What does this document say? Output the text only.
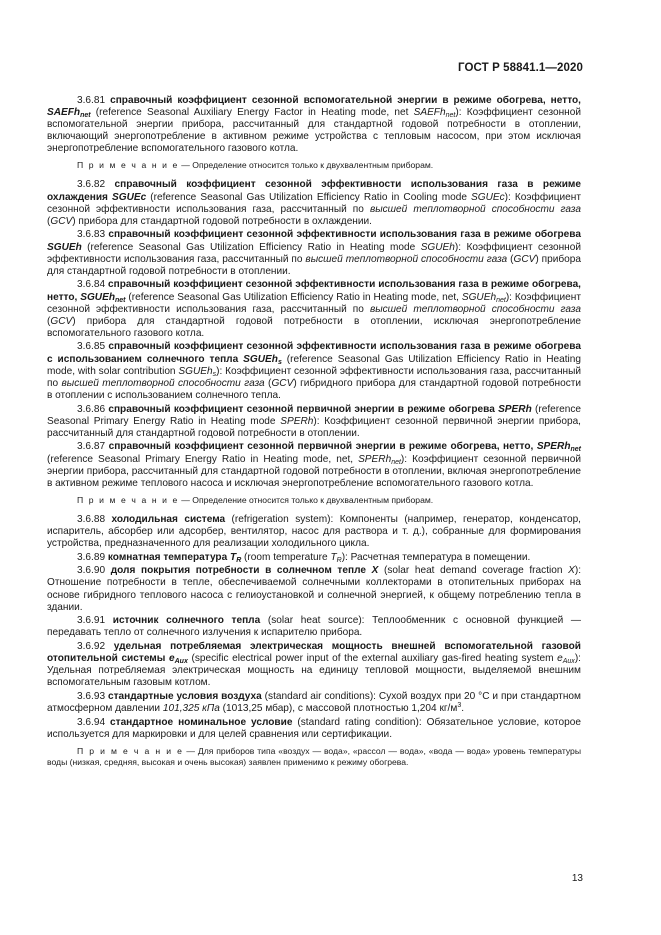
ГОСТ Р 58841.1—2020

3.6.81 справочный коэффициент сезонной вспомогательной энергии в режиме обогрева, нетто, SAEFh$_{net}$ (reference Seasonal Auxiliary Energy Factor in Heating mode, net SAEFh$_{net}$): Коэффициент сезонной вспомогательной энергии прибора, рассчитанный для стандартной годовой потребности в отоплении, включающий энергопотребление в активном режиме устройства с тепловым насосом, при этом исключая энергопотребление вспомогательного газового котла.

П р и м е ч а н и е — Определение относится только к двухвалентным приборам.

3.6.82 справочный коэффициент сезонной эффективности использования газа в режиме охлаждения SGUEc (reference Seasonal Gas Utilization Efficiency Ratio in Cooling mode SGUEc): Коэффициент сезонной эффективности использования газа, рассчитанный по высшей теплотворной способности газа (GCV) прибора для стандартной годовой потребности в охлаждении.

3.6.83 справочный коэффициент сезонной эффективности использования газа в режиме обогрева SGUEh (reference Seasonal Gas Utilization Efficiency Ratio in Heating mode SGUEh): Коэффициент сезонной эффективности использования газа, рассчитанный по высшей теплотворной способности газа (GCV) прибора для стандартной годовой потребности в отоплении.

3.6.84 справочный коэффициент сезонной эффективности использования газа в режиме обогрева, нетто, SGUEh$_{net}$ (reference Seasonal Gas Utilization Efficiency Ratio in Heating mode, net, SGUEh$_{net}$): Коэффициент сезонной эффективности использования газа, рассчитанный по высшей теплотворной способности газа (GCV) прибора для стандартной годовой потребности в отоплении, исключая энергопотребление вспомогательного газового котла.

3.6.85 справочный коэффициент сезонной эффективности использования газа в режиме обогрева с использованием солнечного тепла SGUEh$_s$ (reference Seasonal Gas Utilization Efficiency Ratio in Heating mode, with solar contribution SGUEh$_s$): Коэффициент сезонной эффективности использования газа, рассчитанный по высшей теплотворной способности газа (GCV) гибридного прибора для стандартной годовой потребности в отоплении с использованием солнечного тепла.

3.6.86 справочный коэффициент сезонной первичной энергии в режиме обогрева SPERh (reference Seasonal Primary Energy Ratio in Heating mode SPERh): Коэффициент сезонной первичной энергии прибора, рассчитанный для стандартной годовой потребности в отоплении.

3.6.87 справочный коэффициент сезонной первичной энергии в режиме обогрева, нетто, SPERh$_{net}$ (reference Seasonal Primary Energy Ratio in Heating mode, net, SPERh$_{net}$): Коэффициент сезонной первичной энергии прибора, рассчитанный для стандартной годовой потребности в отоплении, включая энергопотребление в активном режиме теплового насоса и исключая энергопотребление вспомогательного газового котла.

П р и м е ч а н и е — Определение относится только к двухвалентным приборам.

3.6.88 холодильная система (refrigeration system): Компоненты (например, генератор, конденсатор, испаритель, абсорбер или адсорбер, вентилятор, насос для раствора и т. д.), собранные для формирования устройства, предназначенного для реализации холодильного цикла.

3.6.89 комнатная температура $T_R$ (room temperature $T_R$): Расчетная температура в помещении.

3.6.90 доля покрытия потребности в солнечном тепле X (solar heat demand coverage fraction X): Отношение потребности в тепле, обеспечиваемой солнечными коллекторами в отопительных приборах на основе гибридного теплового насоса с гелиоустановкой и солнечной энергией, к общему потреблению тепла в здании.

3.6.91 источник солнечного тепла (solar heat source): Теплообменник с основной функцией — передавать тепло от солнечного излучения к испарителю прибора.

3.6.92 удельная потребляемая электрическая мощность внешней вспомогательной газовой отопительной системы $e_{Aux}$ (specific electrical power input of the external auxiliary gas-fired heating system $e_{Aux}$): Удельная потребляемая электрическая мощность на единицу тепловой мощности, выделяемой внешним вспомогательным газовым котлом.

3.6.93 стандартные условия воздуха (standard air conditions): Сухой воздух при 20 °С и при стандартном атмосферном давлении 101,325 кПа (1013,25 мбар), с массовой плотностью 1,204 $кг/м^3$.

3.6.94 стандартное номинальное условие (standard rating condition): Обязательное условие, которое используется для маркировки и для целей сравнения или сертификации.

П р и м е ч а н и е — Для приборов типа «воздух — вода», «рассол — вода», «вода — вода» уровень температуры воды (низкая, средняя, высокая и очень высокая) заявлен применимо к режиму обогрева.

13
